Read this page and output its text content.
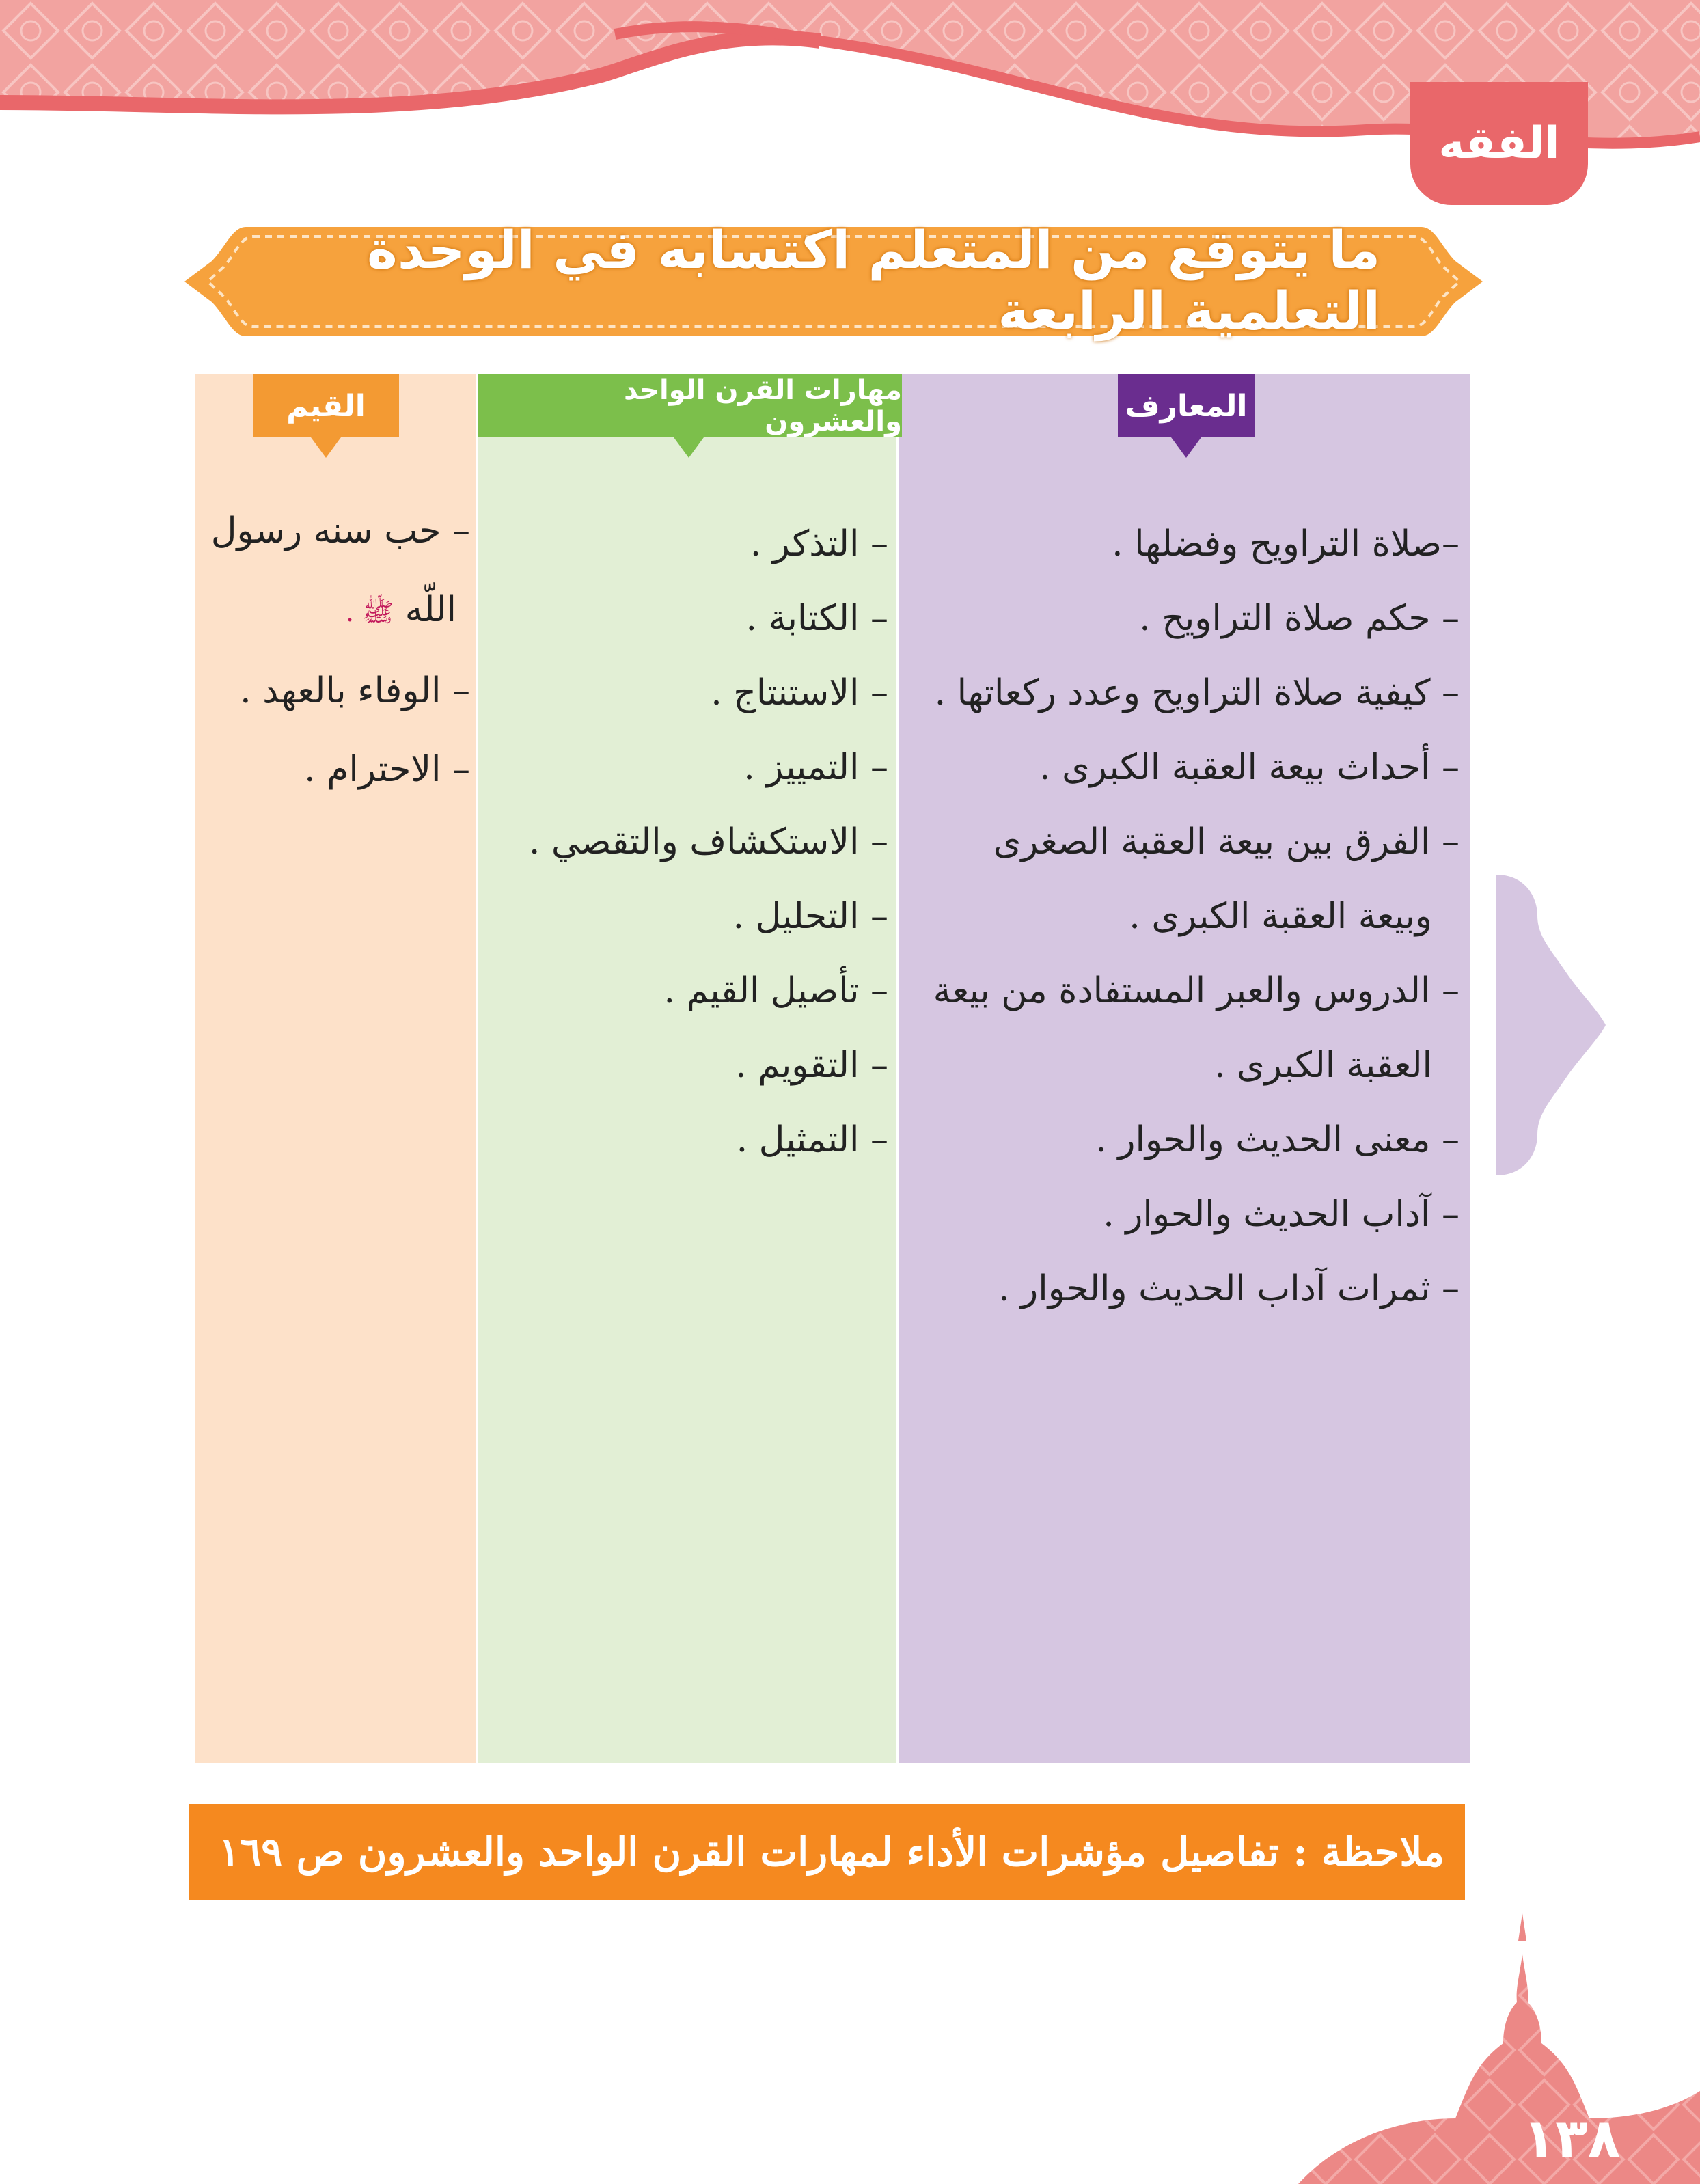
الفقه
ما يتوقع من المتعلم اكتسابه في الوحدة التعلمية الرابعة
المعارف
مهارات القرن الواحد والعشرون
القيم
–صلاة التراويح وفضلها .
– حكم صلاة التراويح .
– كيفية صلاة التراويح وعدد ركعاتها .
– أحداث بيعة العقبة الكبرى .
– الفرق بين بيعة العقبة الصغرى
وبيعة العقبة الكبرى .
– الدروس والعبر المستفادة من بيعة
العقبة الكبرى .
– معنى الحديث والحوار .
– آداب الحديث والحوار .
– ثمرات آداب الحديث والحوار .
– التذكر .
– الكتابة .
– الاستنتاج .
– التمييز .
– الاستكشاف والتقصي .
– التحليل .
– تأصيل القيم .
– التقويم .
– التمثيل .
– حب سنه رسول
اللّه ﷺ .
– الوفاء بالعهد .
– الاحترام .
ملاحظة : تفاصيل مؤشرات الأداء لمهارات القرن الواحد والعشرون ص ١٦٩
١٣٨
